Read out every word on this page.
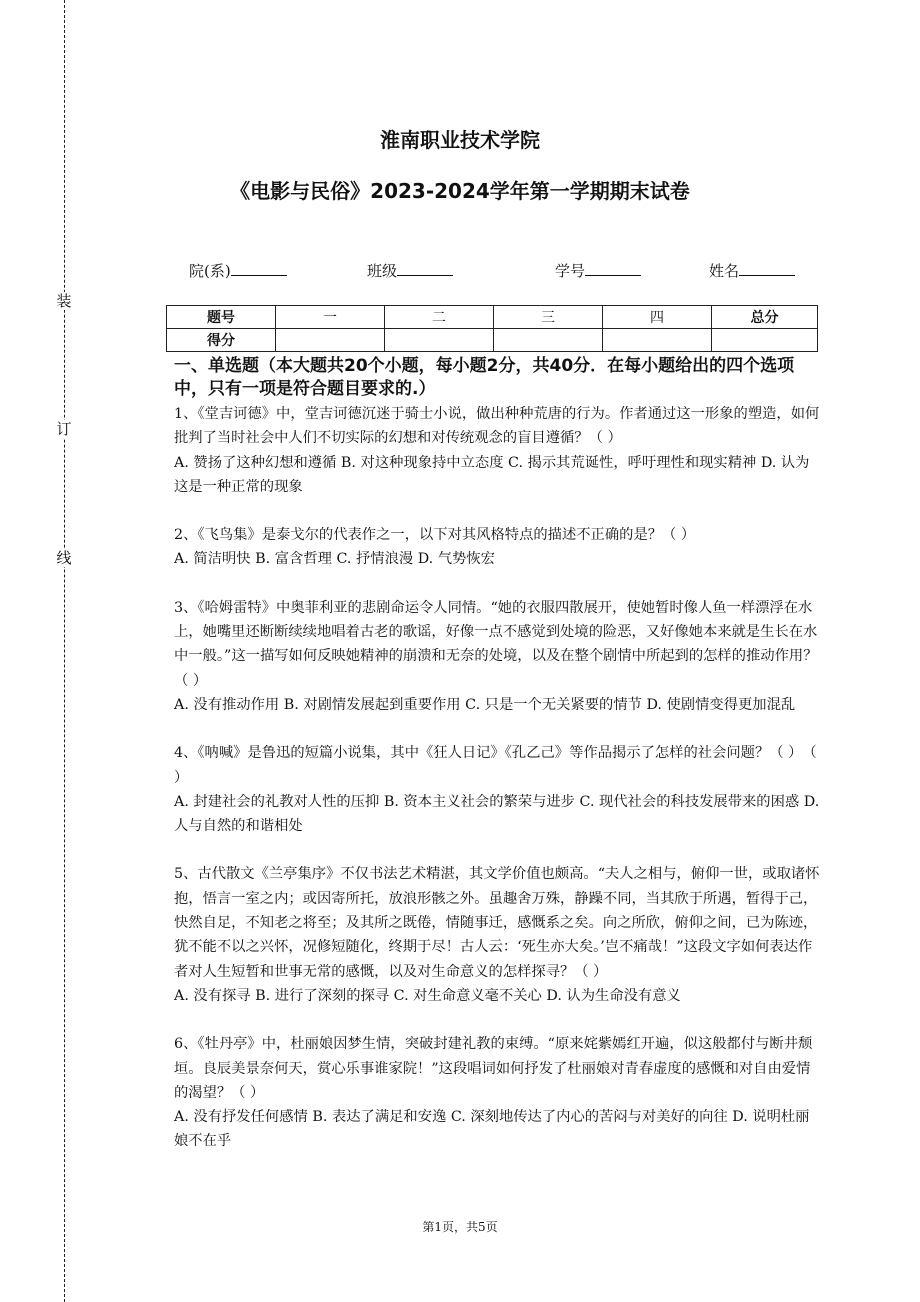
装
订
线
淮南职业技术学院
《电影与民俗》2023-2024学年第一学期期末试卷
院(系)	班级	学号	姓名
题号	一	二	三	四	总分
得分					
一、单选题（本大题共20个小题，每小题2分，共40分．在每小题给出的四个选项中，只有一项是符合题目要求的.）

1、《堂吉诃德》中，堂吉诃德沉迷于骑士小说，做出种种荒唐的行为。作者通过这一形象的塑造，如何批判了当时社会中人们不切实际的幻想和对传统观念的盲目遵循？（ ）

A. 赞扬了这种幻想和遵循 B. 对这种现象持中立态度 C. 揭示其荒诞性，呼吁理性和现实精神 D. 认为这是一种正常的现象

2、《飞鸟集》是泰戈尔的代表作之一，以下对其风格特点的描述不正确的是？（ ）

A. 简洁明快 B. 富含哲理 C. 抒情浪漫 D. 气势恢宏

3、《哈姆雷特》中奥菲利亚的悲剧命运令人同情。“她的衣服四散展开，使她暂时像人鱼一样漂浮在水上，她嘴里还断断续续地唱着古老的歌谣，好像一点不感觉到处境的险恶，又好像她本来就是生长在水中一般。”这一描写如何反映她精神的崩溃和无奈的处境，以及在整个剧情中所起到的怎样的推动作用？（ ）

A. 没有推动作用 B. 对剧情发展起到重要作用 C. 只是一个无关紧要的情节 D. 使剧情变得更加混乱

4、《呐喊》是鲁迅的短篇小说集，其中《狂人日记》《孔乙己》等作品揭示了怎样的社会问题？（ ）　（ ）

A. 封建社会的礼教对人性的压抑 B. 资本主义社会的繁荣与进步 C. 现代社会的科技发展带来的困惑 D. 人与自然的和谐相处

5、古代散文《兰亭集序》不仅书法艺术精湛，其文学价值也颇高。“夫人之相与，俯仰一世，或取诸怀抱，悟言一室之内；或因寄所托，放浪形骸之外。虽趣舍万殊，静躁不同，当其欣于所遇，暂得于己，快然自足，不知老之将至；及其所之既倦，情随事迁，感慨系之矣。向之所欣，俯仰之间，已为陈迹，犹不能不以之兴怀，况修短随化，终期于尽！古人云：‘死生亦大矣。’岂不痛哉！”这段文字如何表达作者对人生短暂和世事无常的感慨，以及对生命意义的怎样探寻？（ ）

A. 没有探寻 B. 进行了深刻的探寻 C. 对生命意义毫不关心 D. 认为生命没有意义

6、《牡丹亭》中，杜丽娘因梦生情，突破封建礼教的束缚。“原来姹紫嫣红开遍，似这般都付与断井颓垣。良辰美景奈何天，赏心乐事谁家院！”这段唱词如何抒发了杜丽娘对青春虚度的感慨和对自由爱情的渴望？（ ）

A. 没有抒发任何感情 B. 表达了满足和安逸 C. 深刻地传达了内心的苦闷与对美好的向往 D. 说明杜丽娘不在乎

第1页，共5页
